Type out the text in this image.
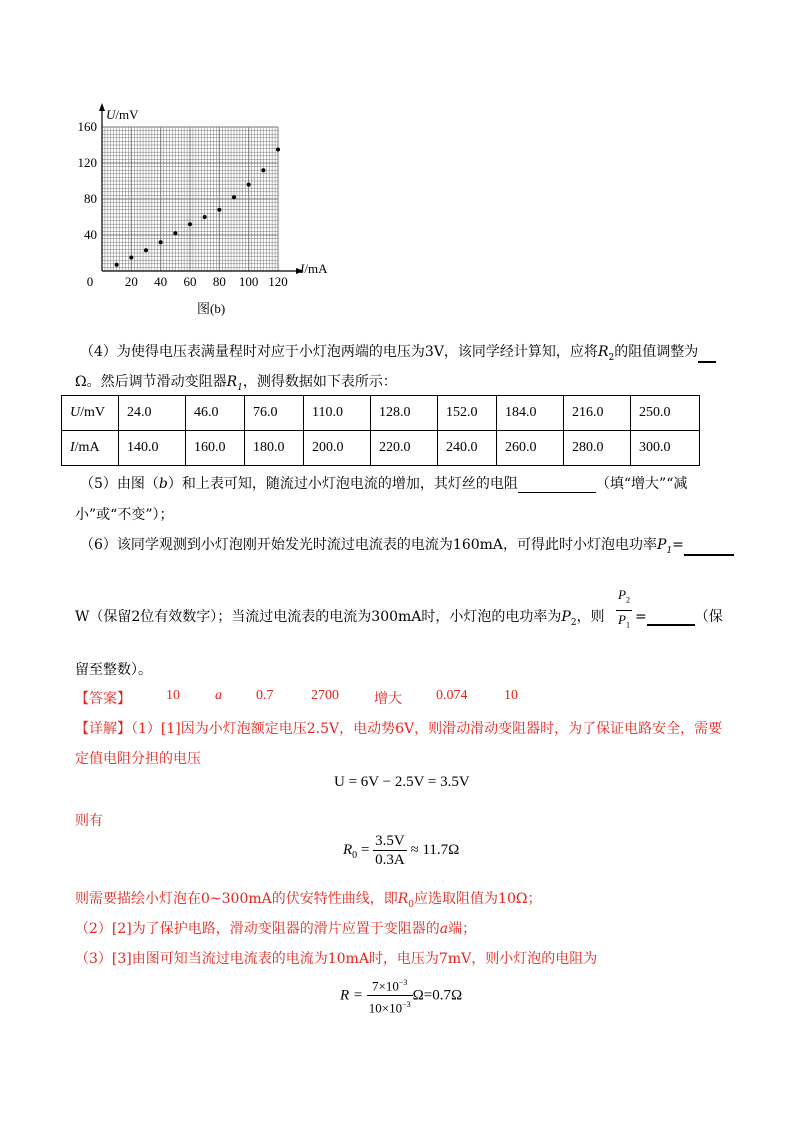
0 20 40 60 80 100 120
40
80
120
160
U/mV
I/mA
图(b)
（4）为使得电压表满量程时对应于小灯泡两端的电压为3V，该同学经计算知，应将$R_2$的阻值调整为
Ω。然后调节滑动变阻器$R_1$，测得数据如下表所示：
U/mV	24.0	46.0	76.0	110.0	128.0	152.0	184.0	216.0	250.0
I/mA	140.0	160.0	180.0	200.0	220.0	240.0	260.0	280.0	300.0
（5）由图（b）和上表可知，随流过小灯泡电流的增加，其灯丝的电阻	（填“增大”“减
小”或“不变”）；
（6）该同学观测到小灯泡刚开始发光时流过电流表的电流为160mA，可得此时小灯泡电功率$P_1=$
W（保留2位有效数字）；当流过电流表的电流为300mA时，小灯泡的电功率为$P_2$，则 $\frac{P_2}{P_1}$ =	（保
留至整数）。
【答案】	10	a 0.7	2700	增大 0.074	10
【详解】（1）[1]因为小灯泡额定电压2.5V，电动势6V，则滑动滑动变阻器时，为了保证电路安全，需要
定值电阻分担的电压
U = 6V − 2.5V = 3.5V
则有
$R_0 = \frac{3.5V}{0.3A} \approx 11.7\Omega$
则需要描绘小灯泡在0~300mA的伏安特性曲线，即$R_0$应选取阻值为10Ω；
（2）[2]为了保护电路，滑动变阻器的滑片应置于变阻器的a端；
（3）[3]由图可知当流过电流表的电流为10mA时，电压为7mV，则小灯泡的电阻为
$R = \frac{7\times 10^{-3}}{10\times 10^{-3}} \Omega=0.7\Omega$
